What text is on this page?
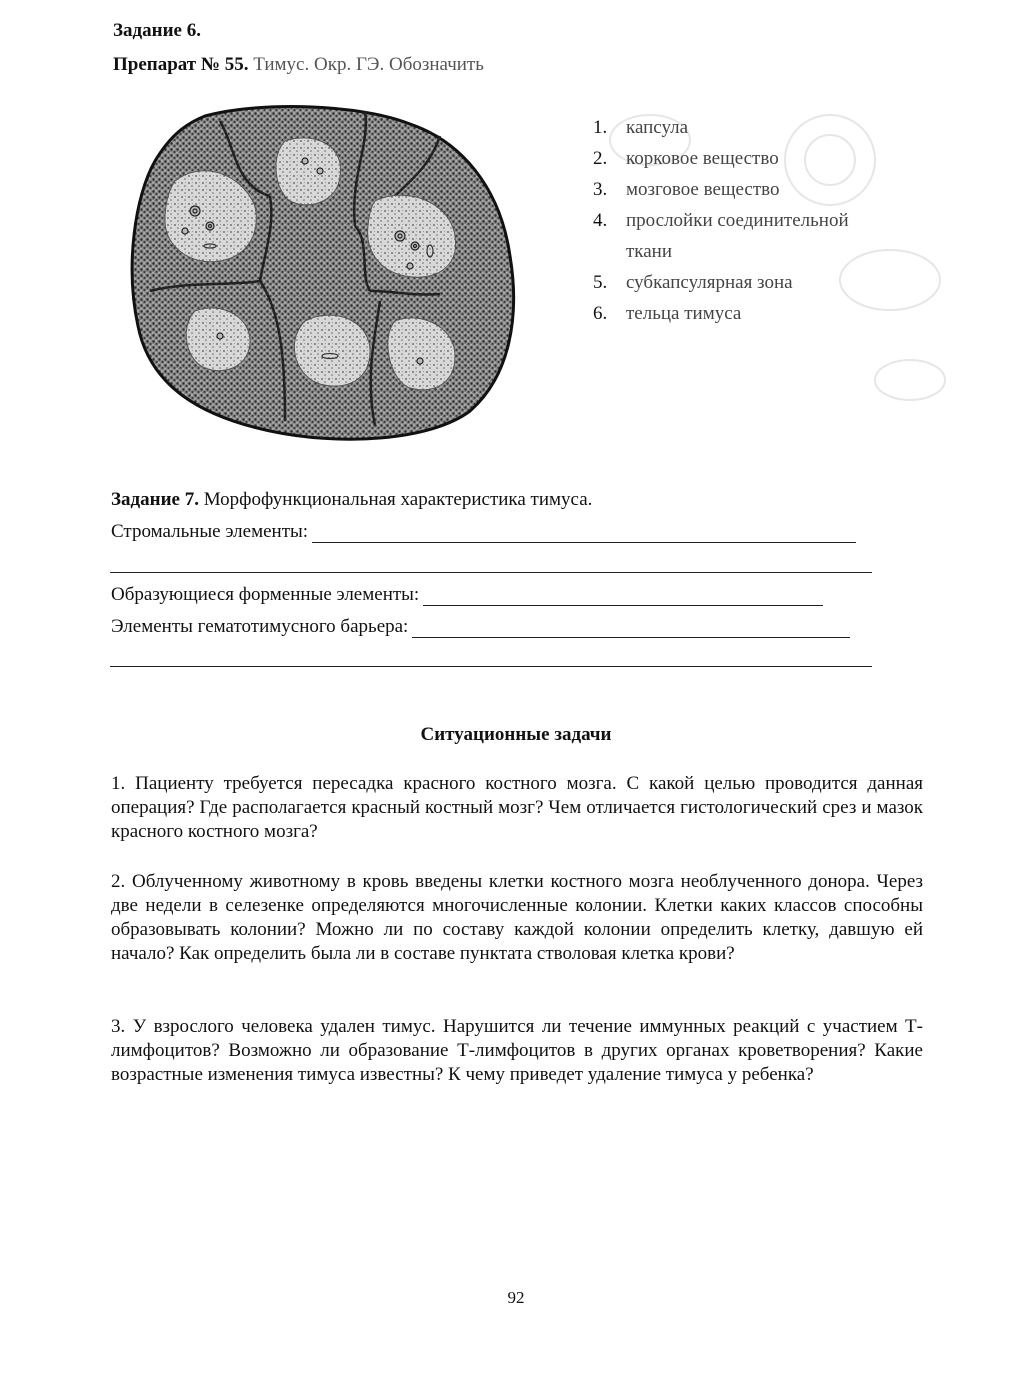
Задание 6.
Препарат № 55. Тимус. Окр. ГЭ. Обозначить
1. капсула
2. корковое вещество
3. мозговое вещество
4. прослойки соединительной
ткани
5. субкапсулярная зона
6. тельца тимуса
Задание 7. Морфофункциональная характеристика тимуса.
Стромальные элементы:
Образующиеся форменные элементы:
Элементы гематотимусного барьера:
Ситуационные задачи
1. Пациенту требуется пересадка красного костного мозга. С какой целью проводится данная операция? Где располагается красный костный мозг? Чем отличается гистологический срез и мазок красного костного мозга?
2. Облученному животному в кровь введены клетки костного мозга необлученного донора. Через две недели в селезенке определяются многочисленные колонии. Клетки каких классов способны образовывать колонии? Можно ли по составу каждой колонии определить клетку, давшую ей начало? Как определить была ли в составе пунктата стволовая клетка крови?
3. У взрослого человека удален тимус. Нарушится ли течение иммунных реакций с участием Т-лимфоцитов? Возможно ли образование Т-лимфоцитов в других органах кроветворения? Какие возрастные изменения тимуса известны? К чему приведет удаление тимуса у ребенка?
92
